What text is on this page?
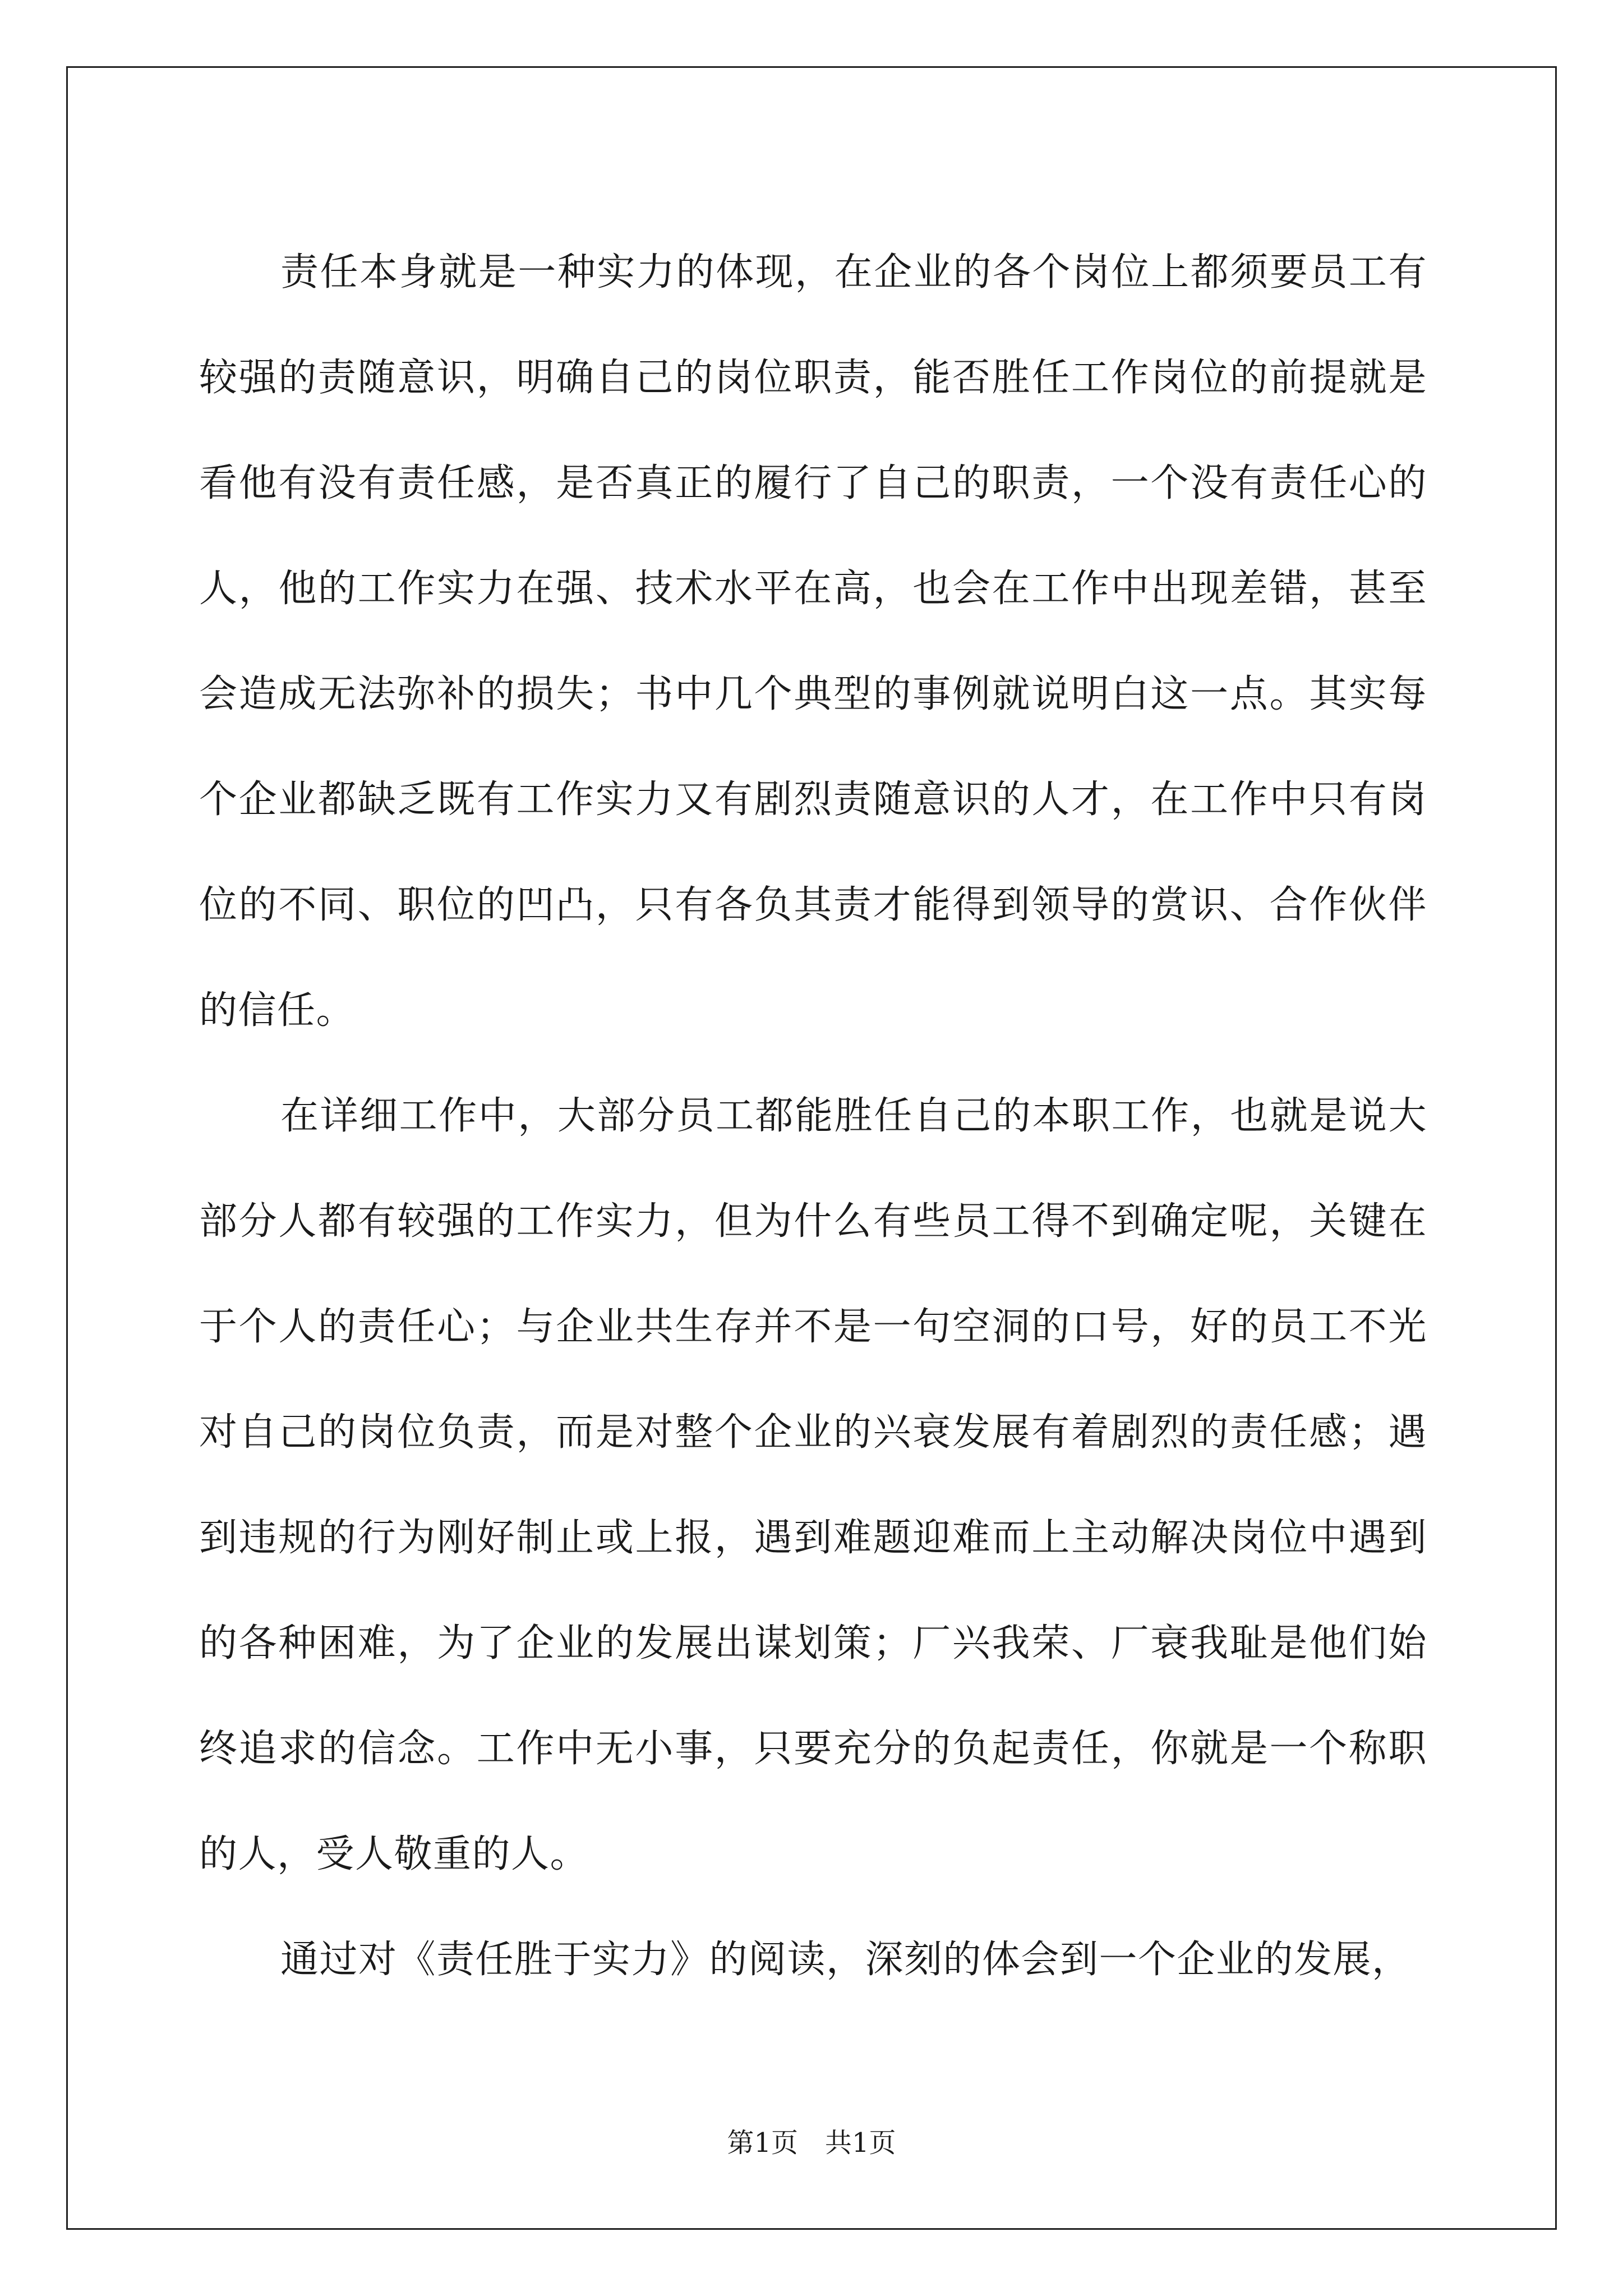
责任本身就是一种实力的体现，在企业的各个岗位上都须要员工有较强的责随意识，明确自己的岗位职责，能否胜任工作岗位的前提就是看他有没有责任感，是否真正的履行了自己的职责，一个没有责任心的人，他的工作实力在强、技术水平在高，也会在工作中出现差错，甚至会造成无法弥补的损失；书中几个典型的事例就说明白这一点。其实每个企业都缺乏既有工作实力又有剧烈责随意识的人才，在工作中只有岗位的不同、职位的凹凸，只有各负其责才能得到领导的赏识、合作伙伴的信任。

在详细工作中，大部分员工都能胜任自己的本职工作，也就是说大部分人都有较强的工作实力，但为什么有些员工得不到确定呢，关键在于个人的责任心；与企业共生存并不是一句空洞的口号，好的员工不光对自己的岗位负责，而是对整个企业的兴衰发展有着剧烈的责任感；遇到违规的行为刚好制止或上报，遇到难题迎难而上主动解决岗位中遇到的各种困难，为了企业的发展出谋划策；厂兴我荣、厂衰我耻是他们始终追求的信念。工作中无小事，只要充分的负起责任，你就是一个称职的人，受人敬重的人。

通过对《责任胜于实力》的阅读，深刻的体会到一个企业的发展，

第1页　共1页
